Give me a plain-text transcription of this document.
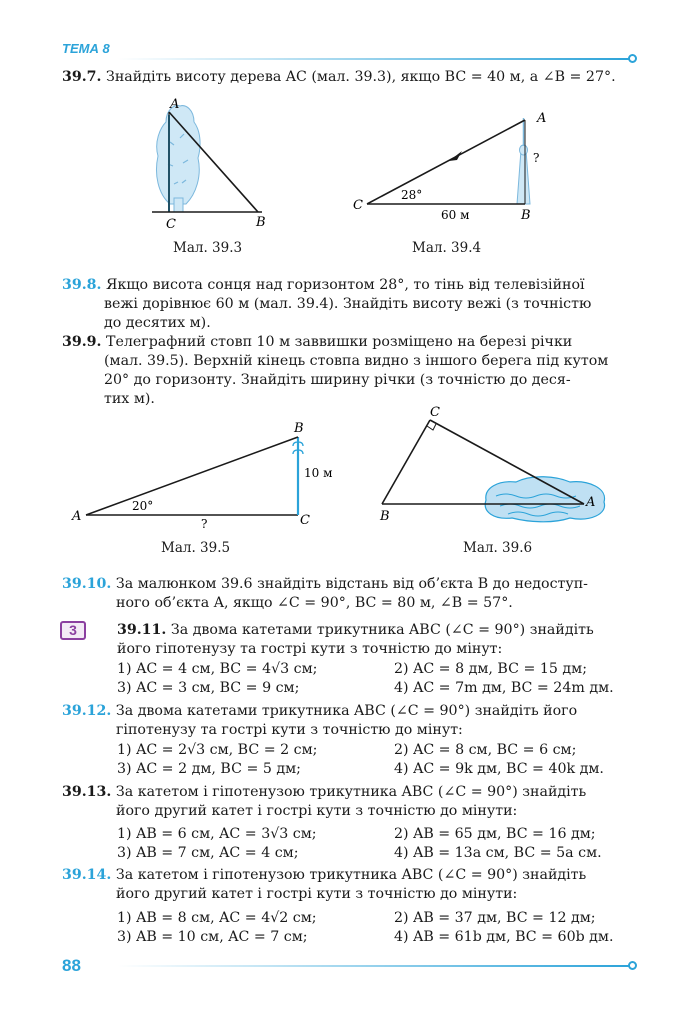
ТЕМА 8
39.7. Знайдіть висоту дерева AC (мал. 39.3), якщо BC = 40 м, а ∠B = 27°.
A
C	B
Мал. 39.3
A
C
B
28°
60 м
?
Мал. 39.4
39.8. Якщо висота сонця над горизонтом 28°, то тінь від телевізійної
вежі дорівнює 60 м (мал. 39.4). Знайдіть висоту вежі (з точністю
до десятих м).
39.9. Телеграфний стовп 10 м заввишки розміщено на березі річки
(мал. 39.5). Верхній кінець стовпа видно з іншого берега під кутом
20° до горизонту. Знайдіть ширину річки (з точністю до деся-
тих м).
A
B
C
20°
?
10 м
Мал. 39.5
C
B
A
Мал. 39.6
39.10. За малюнком 39.6 знайдіть відстань від об’єкта B до недоступ-
ного об’єкта A, якщо ∠C = 90°, BC = 80 м, ∠B = 57°.
3	39.11. За двома катетами трикутника ABC (∠C = 90°) знайдіть
його гіпотенузу та гострі кути з точністю до мінут:
1) AC = 4 см, BC = 4√3 см;	2) AC = 8 дм, BC = 15 дм;
3) AC = 3 см, BC = 9 см;	4) AC = 7m дм, BC = 24m дм.
39.12. За двома катетами трикутника ABC (∠C = 90°) знайдіть його
гіпотенузу та гострі кути з точністю до мінут:
1) AC = 2√3 см, BC = 2 см;	2) AC = 8 см, BC = 6 см;
3) AC = 2 дм, BC = 5 дм;	4) AC = 9k дм, BC = 40k дм.
39.13. За катетом і гіпотенузою трикутника ABC (∠C = 90°) знайдіть
його другий катет і гострі кути з точністю до мінути:
1) AB = 6 см, AC = 3√3 см;	2) AB = 65 дм, BC = 16 дм;
3) AB = 7 см, AC = 4 см;	4) AB = 13a см, BC = 5a см.
39.14. За катетом і гіпотенузою трикутника ABC (∠C = 90°) знайдіть
його другий катет і гострі кути з точністю до мінути:
1) AB = 8 см, AC = 4√2 см;	2) AB = 37 дм, BC = 12 дм;
3) AB = 10 см, AC = 7 см;	4) AB = 61b дм, BC = 60b дм.
88
